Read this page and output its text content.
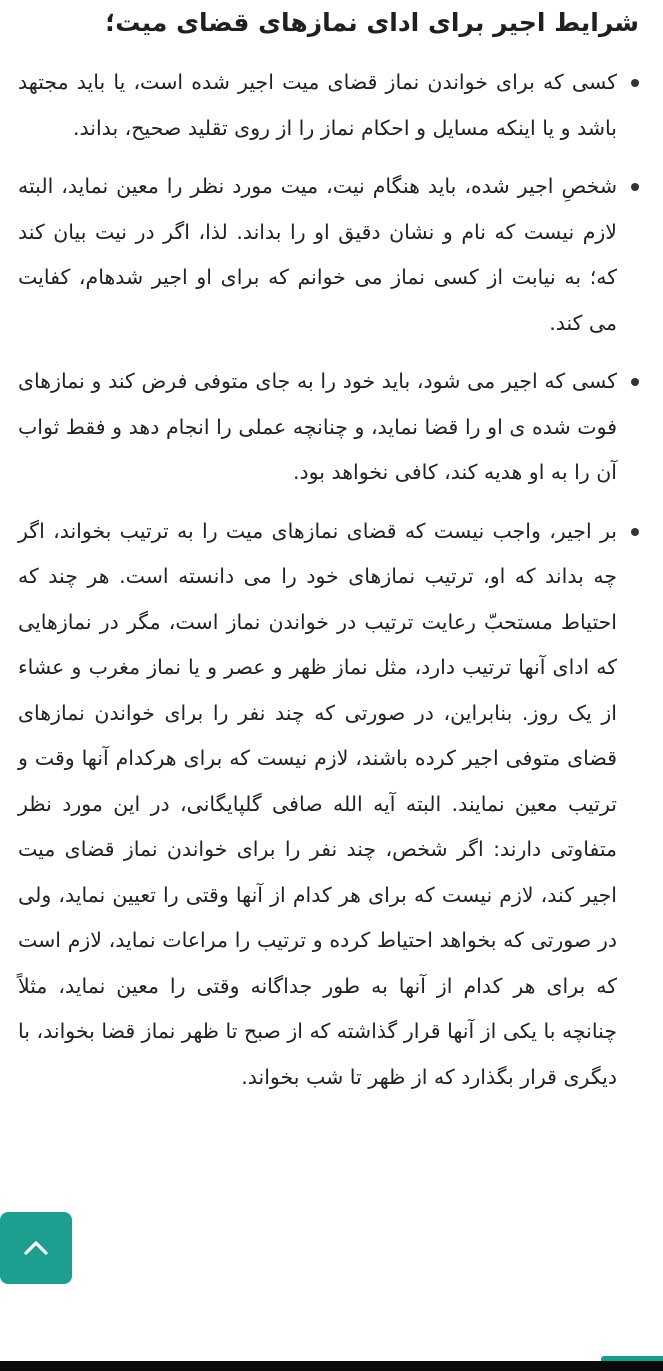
شرایط اجیر برای ادای نمازهای قضای میت؛
کسی که برای خواندن نماز قضای میت اجیر شده است، یا باید مجتهد باشد و یا اینکه مسایل و احکام نماز را از روی تقلید صحیح، بداند.
شخصِ اجیر شده، باید هنگام نیت، میت مورد نظر را معین نماید، البته لازم نیست که نام و نشان دقیق او را بداند. لذا، اگر در نیت بیان کند که؛ به نیابت از کسی نماز می خوانم که برای او اجیر شدهام، کفایت می کند.
کسی که اجیر می شود، باید خود را به جای متوفی فرض کند و نمازهای فوت شده ی او را قضا نماید، و چنانچه عملی را انجام دهد و فقط ثواب آن را به او هدیه کند، کافی نخواهد بود.
بر اجیر، واجب نیست که قضای نمازهای میت را به ترتیب بخواند، اگر چه بداند که او، ترتیب نمازهای خود را می دانسته است. هر چند که احتیاط مستحبّ رعایت ترتیب در خواندن نماز است، مگر در نمازهایی که ادای آنها ترتیب دارد، مثل نماز ظهر و عصر و یا نماز مغرب و عشاء از یک روز. بنابراین، در صورتی که چند نفر را برای خواندن نمازهای قضای متوفی اجیر کرده باشند، لازم نیست که برای هرکدام آنها وقت و ترتیب معین نمایند. البته آیه الله صافی گلپایگانی، در این مورد نظر متفاوتی دارند: اگر شخص، چند نفر را برای خواندن نماز قضای میت اجیر کند، لازم نیست که برای هر کدام از آنها وقتی را تعیین نماید، ولی در صورتی که بخواهد احتیاط کرده و ترتیب را مراعات نماید، لازم است که برای هر کدام از آنها به طور جداگانه وقتی را معین نماید، مثلاً چنانچه با یکی از آنها قرار گذاشته که از صبح تا ظهر نماز قضا بخواند، با دیگری قرار بگذارد که از ظهر تا شب بخواند.
